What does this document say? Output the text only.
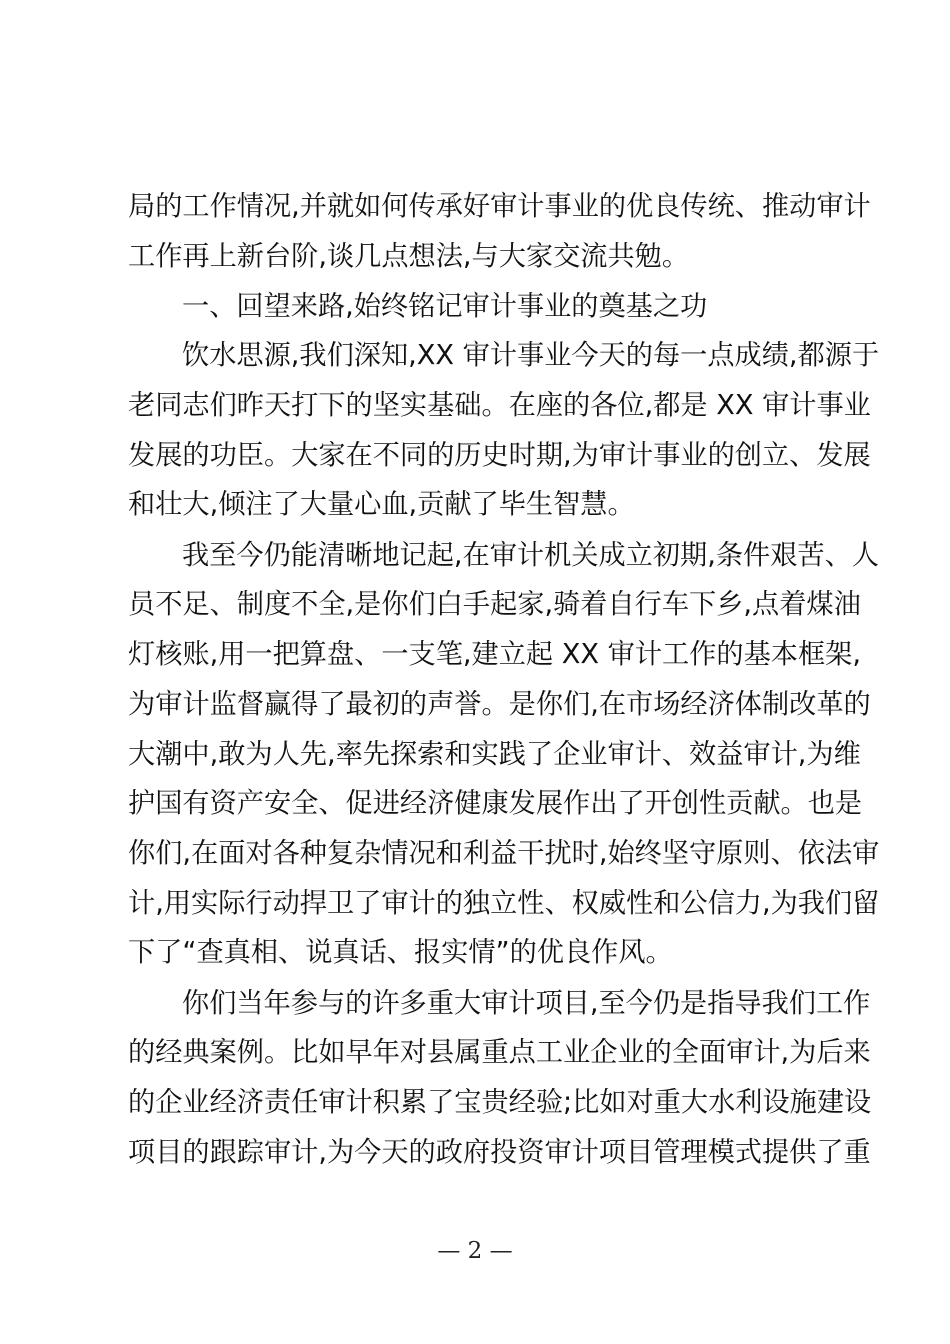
局的工作情况,并就如何传承好审计事业的优良传统、推动审计
工作再上新台阶,谈几点想法,与大家交流共勉。
一、回望来路,始终铭记审计事业的奠基之功
饮水思源,我们深知,XX 审计事业今天的每一点成绩,都源于
老同志们昨天打下的坚实基础。在座的各位,都是 XX 审计事业
发展的功臣。大家在不同的历史时期,为审计事业的创立、发展
和壮大,倾注了大量心血,贡献了毕生智慧。
我至今仍能清晰地记起,在审计机关成立初期,条件艰苦、人
员不足、制度不全,是你们白手起家,骑着自行车下乡,点着煤油
灯核账,用一把算盘、一支笔,建立起 XX 审计工作的基本框架,
为审计监督赢得了最初的声誉。是你们,在市场经济体制改革的
大潮中,敢为人先,率先探索和实践了企业审计、效益审计,为维
护国有资产安全、促进经济健康发展作出了开创性贡献。也是
你们,在面对各种复杂情况和利益干扰时,始终坚守原则、依法审
计,用实际行动捍卫了审计的独立性、权威性和公信力,为我们留
下了“查真相、说真话、报实情”的优良作风。
你们当年参与的许多重大审计项目,至今仍是指导我们工作
的经典案例。比如早年对县属重点工业企业的全面审计,为后来
的企业经济责任审计积累了宝贵经验;比如对重大水利设施建设
项目的跟踪审计,为今天的政府投资审计项目管理模式提供了重
— 2 —
